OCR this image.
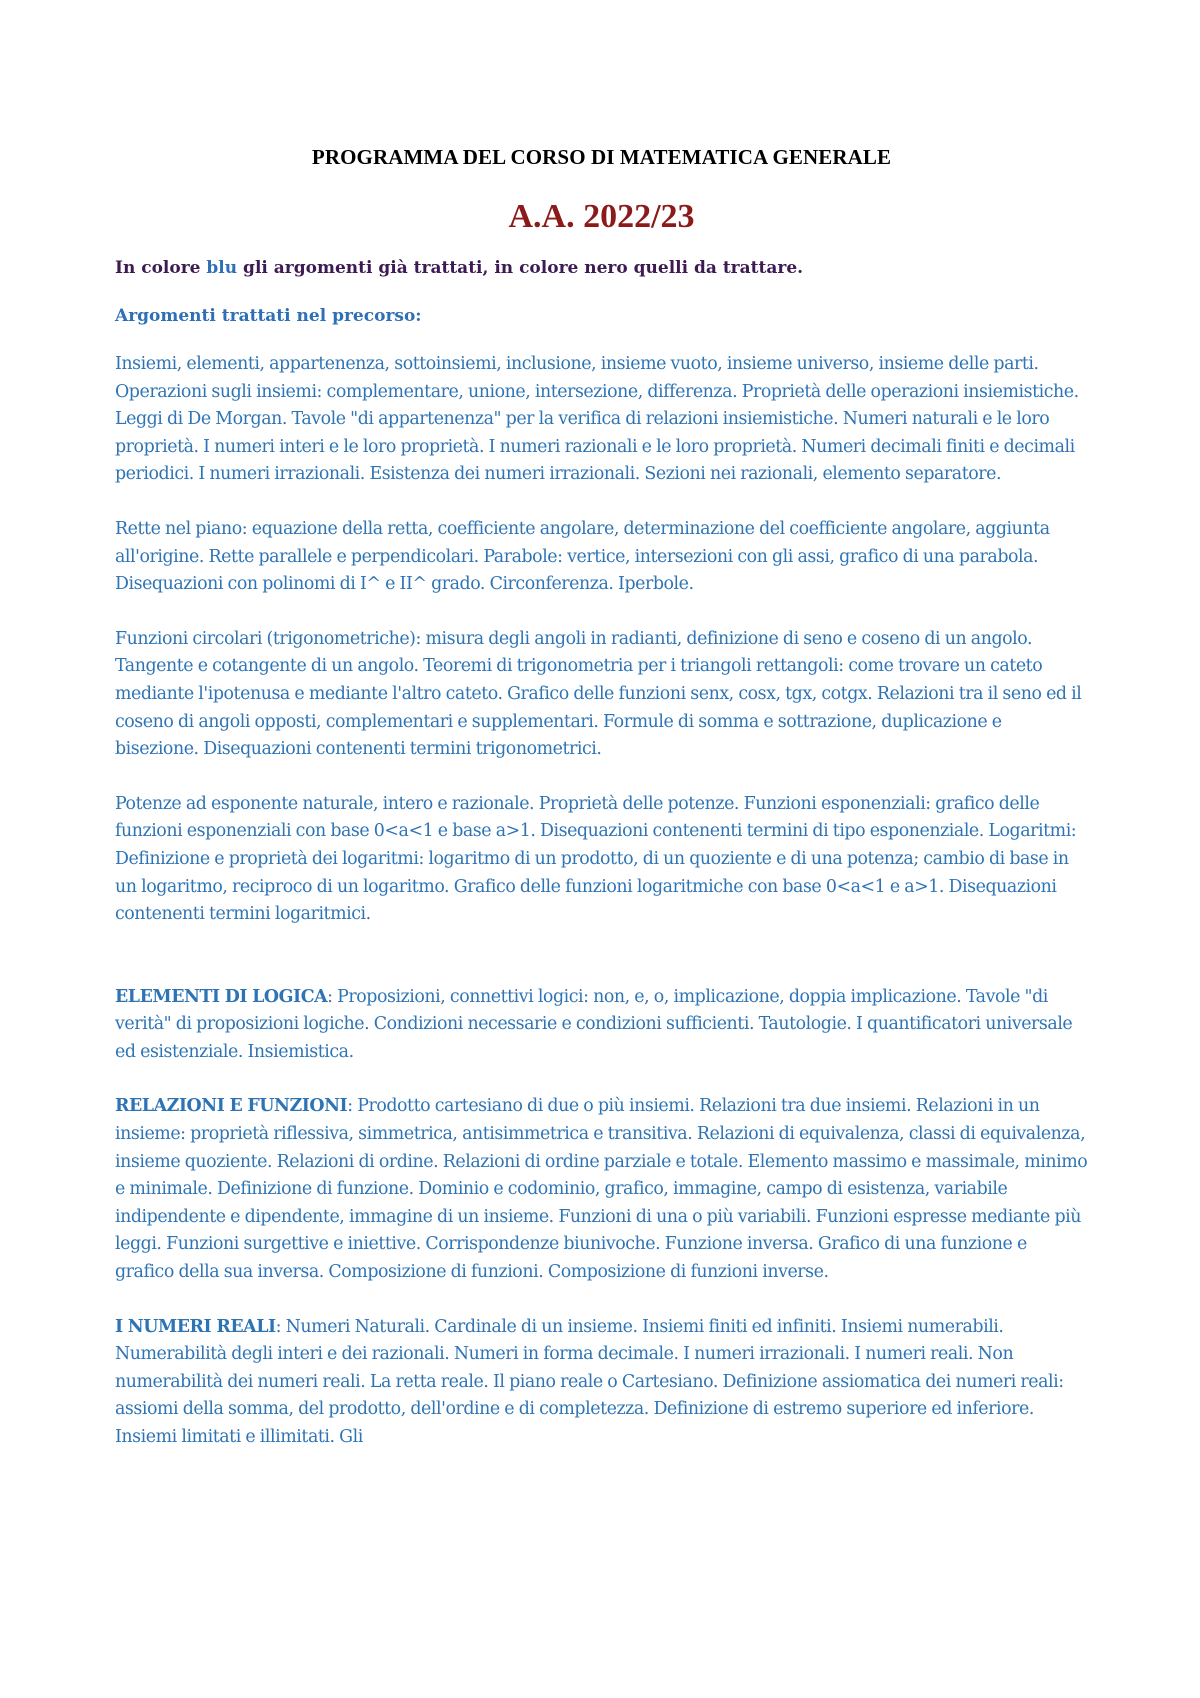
PROGRAMMA DEL CORSO DI MATEMATICA GENERALE
A.A. 2022/23

In colore blu gli argomenti già trattati, in colore nero quelli da trattare.

Argomenti trattati nel precorso:

Insiemi, elementi, appartenenza, sottoinsiemi, inclusione, insieme vuoto, insieme universo, insieme delle parti. Operazioni sugli insiemi: complementare, unione, intersezione, differenza. Proprietà delle operazioni insiemistiche. Leggi di De Morgan. Tavole "di appartenenza" per la verifica di relazioni insiemistiche. Numeri naturali e le loro proprietà. I numeri interi e le loro proprietà. I numeri razionali e le loro proprietà. Numeri decimali finiti e decimali periodici. I numeri irrazionali. Esistenza dei numeri irrazionali. Sezioni nei razionali, elemento separatore.

Rette nel piano: equazione della retta, coefficiente angolare, determinazione del coefficiente angolare, aggiunta all'origine. Rette parallele e perpendicolari. Parabole: vertice, intersezioni con gli assi, grafico di una parabola. Disequazioni con polinomi di I^ e II^ grado. Circonferenza. Iperbole.

Funzioni circolari (trigonometriche): misura degli angoli in radianti, definizione di seno e coseno di un angolo. Tangente e cotangente di un angolo. Teoremi di trigonometria per i triangoli rettangoli: come trovare un cateto mediante l'ipotenusa e mediante l'altro cateto. Grafico delle funzioni senx, cosx, tgx, cotgx. Relazioni tra il seno ed il coseno di angoli opposti, complementari e supplementari. Formule di somma e sottrazione, duplicazione e bisezione. Disequazioni contenenti termini trigonometrici.

Potenze ad esponente naturale, intero e razionale. Proprietà delle potenze. Funzioni esponenziali: grafico delle funzioni esponenziali con base 0<a<1 e base a>1. Disequazioni contenenti termini di tipo esponenziale. Logaritmi: Definizione e proprietà dei logaritmi: logaritmo di un prodotto, di un quoziente e di una potenza; cambio di base in un logaritmo, reciproco di un logaritmo. Grafico delle funzioni logaritmiche con base 0<a<1 e a>1. Disequazioni contenenti termini logaritmici.

ELEMENTI DI LOGICA: Proposizioni, connettivi logici: non, e, o, implicazione, doppia implicazione. Tavole "di verità" di proposizioni logiche. Condizioni necessarie e condizioni sufficienti. Tautologie. I quantificatori universale ed esistenziale. Insiemistica.

RELAZIONI E FUNZIONI: Prodotto cartesiano di due o più insiemi. Relazioni tra due insiemi. Relazioni in un insieme: proprietà riflessiva, simmetrica, antisimmetrica e transitiva. Relazioni di equivalenza, classi di equivalenza, insieme quoziente. Relazioni di ordine. Relazioni di ordine parziale e totale. Elemento massimo e massimale, minimo e minimale. Definizione di funzione. Dominio e codominio, grafico, immagine, campo di esistenza, variabile indipendente e dipendente, immagine di un insieme. Funzioni di una o più variabili. Funzioni espresse mediante più leggi. Funzioni surgettive e iniettive. Corrispondenze biunivoche. Funzione inversa. Grafico di una funzione e grafico della sua inversa. Composizione di funzioni. Composizione di funzioni inverse.

I NUMERI REALI: Numeri Naturali. Cardinale di un insieme. Insiemi finiti ed infiniti. Insiemi numerabili. Numerabilità degli interi e dei razionali. Numeri in forma decimale. I numeri irrazionali. I numeri reali. Non numerabilità dei numeri reali. La retta reale. Il piano reale o Cartesiano. Definizione assiomatica dei numeri reali: assiomi della somma, del prodotto, dell'ordine e di completezza. Definizione di estremo superiore ed inferiore. Insiemi limitati e illimitati. Gli
